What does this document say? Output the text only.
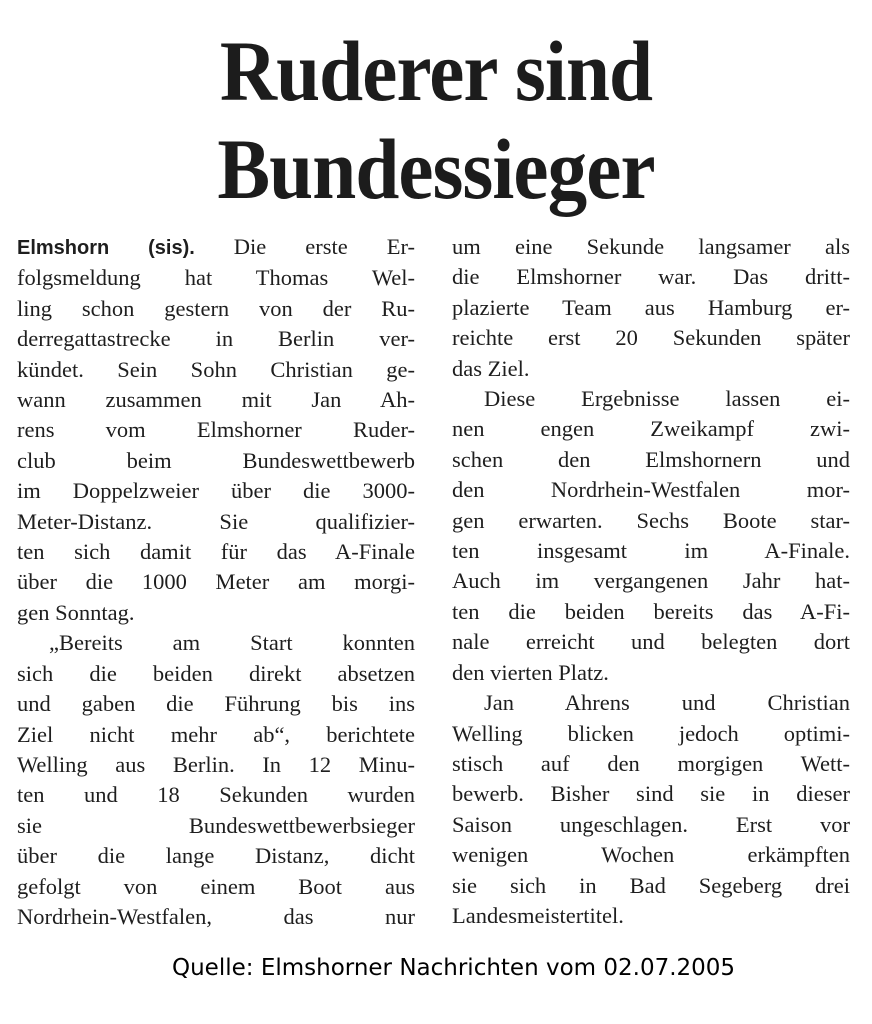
Ruderer sind
Bundessieger

Elmshorn (sis). Die erste Er-
folgsmeldung hat Thomas Wel-
ling schon gestern von der Ru-
derregattastrecke in Berlin ver-
kündet. Sein Sohn Christian ge-
wann zusammen mit Jan Ah-
rens vom Elmshorner Ruder-
club beim Bundeswettbewerb
im Doppelzweier über die 3000-
Meter-Distanz. Sie qualifizier-
ten sich damit für das A-Finale
über die 1000 Meter am morgi-
gen Sonntag.

„Bereits am Start konnten
sich die beiden direkt absetzen
und gaben die Führung bis ins
Ziel nicht mehr ab“, berichtete
Welling aus Berlin. In 12 Minu-
ten und 18 Sekunden wurden
sie Bundeswettbewerbsieger
über die lange Distanz, dicht
gefolgt von einem Boot aus
Nordrhein-Westfalen, das nur

um eine Sekunde langsamer als
die Elmshorner war. Das dritt-
plazierte Team aus Hamburg er-
reichte erst 20 Sekunden später
das Ziel.

Diese Ergebnisse lassen ei-
nen engen Zweikampf zwi-
schen den Elmshornern und
den Nordrhein-Westfalen mor-
gen erwarten. Sechs Boote star-
ten insgesamt im A-Finale.
Auch im vergangenen Jahr hat-
ten die beiden bereits das A-Fi-
nale erreicht und belegten dort
den vierten Platz.

Jan Ahrens und Christian
Welling blicken jedoch optimi-
stisch auf den morgigen Wett-
bewerb. Bisher sind sie in dieser
Saison ungeschlagen. Erst vor
wenigen Wochen erkämpften
sie sich in Bad Segeberg drei
Landesmeistertitel.

Quelle: Elmshorner Nachrichten vom 02.07.2005
